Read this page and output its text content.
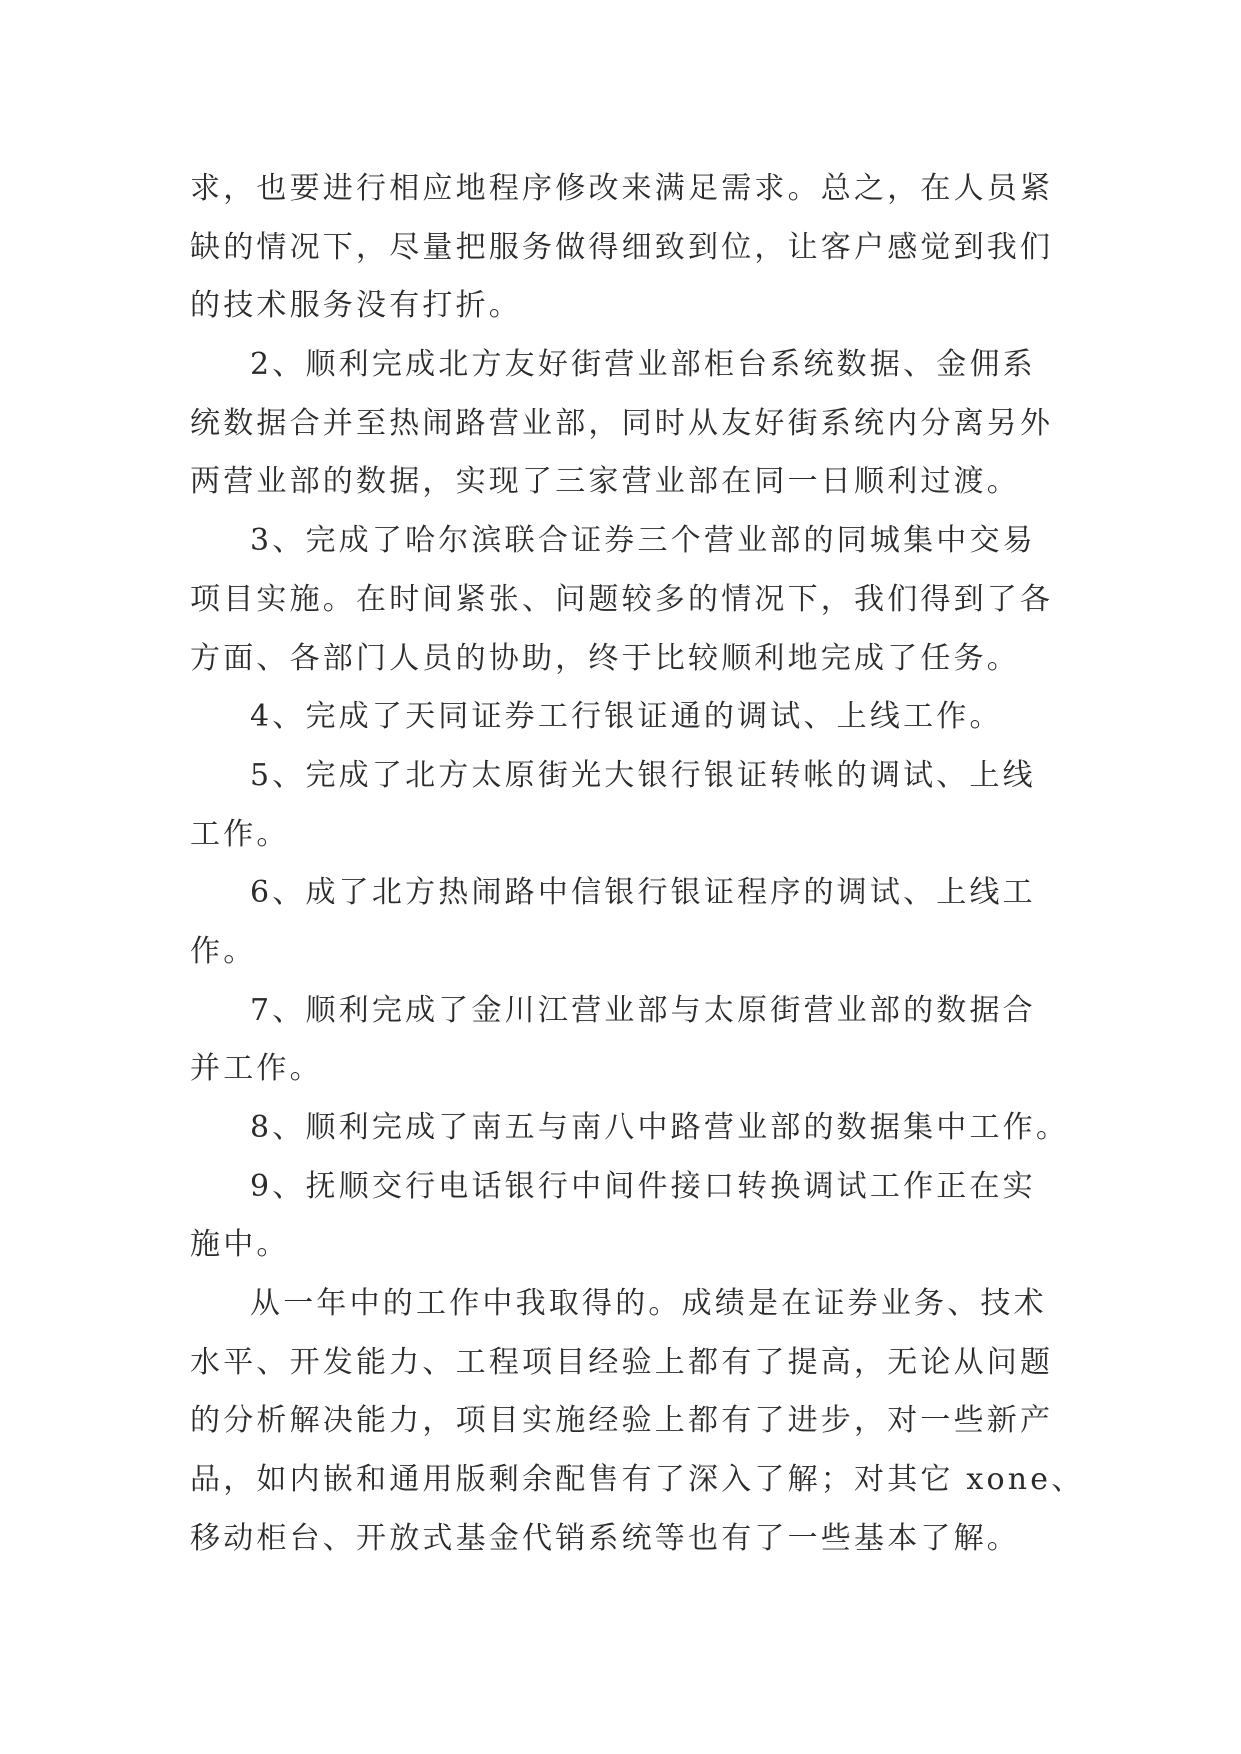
求，也要进行相应地程序修改来满足需求。总之，在人员紧
缺的情况下，尽量把服务做得细致到位，让客户感觉到我们
的技术服务没有打折。
2、顺利完成北方友好街营业部柜台系统数据、金佣系
统数据合并至热闹路营业部，同时从友好街系统内分离另外
两营业部的数据，实现了三家营业部在同一日顺利过渡。
3、完成了哈尔滨联合证券三个营业部的同城集中交易
项目实施。在时间紧张、问题较多的情况下，我们得到了各
方面、各部门人员的协助，终于比较顺利地完成了任务。
4、完成了天同证券工行银证通的调试、上线工作。
5、完成了北方太原街光大银行银证转帐的调试、上线
工作。
6、成了北方热闹路中信银行银证程序的调试、上线工
作。
7、顺利完成了金川江营业部与太原街营业部的数据合
并工作。
8、顺利完成了南五与南八中路营业部的数据集中工作。
9、抚顺交行电话银行中间件接口转换调试工作正在实
施中。
从一年中的工作中我取得的。成绩是在证券业务、技术
水平、开发能力、工程项目经验上都有了提高，无论从问题
的分析解决能力，项目实施经验上都有了进步，对一些新产
品，如内嵌和通用版剩余配售有了深入了解；对其它 xone、
移动柜台、开放式基金代销系统等也有了一些基本了解。
